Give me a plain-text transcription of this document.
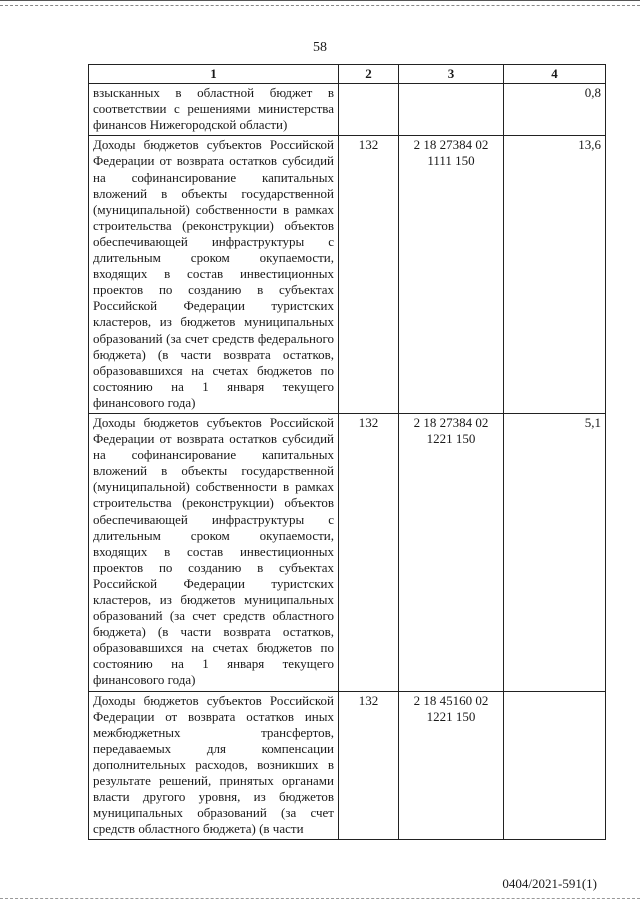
58
1	2	3	4
взысканных в областной бюджет в соответствии с решениями министерства финансов Нижегородской области)			0,8
Доходы бюджетов субъектов Российской Федерации от возврата остатков субсидий на софинансирование капитальных вложений в объекты государственной (муниципальной) собственности в рамках строительства (реконструкции) объектов обеспечивающей инфраструктуры с длительным сроком окупаемости, входящих в состав инвестиционных проектов по созданию в субъектах Российской Федерации туристских кластеров, из бюджетов муниципальных образований (за счет средств федерального бюджета) (в части возврата остатков, образовавшихся на счетах бюджетов по состоянию на 1 января текущего финансового года)	132	2 18 27384 02 1111 150	13,6
Доходы бюджетов субъектов Российской Федерации от возврата остатков субсидий на софинансирование капитальных вложений в объекты государственной (муниципальной) собственности в рамках строительства (реконструкции) объектов обеспечивающей инфраструктуры с длительным сроком окупаемости, входящих в состав инвестиционных проектов по созданию в субъектах Российской Федерации туристских кластеров, из бюджетов муниципальных образований (за счет средств областного бюджета) (в части возврата остатков, образовавшихся на счетах бюджетов по состоянию на 1 января текущего финансового года)	132	2 18 27384 02 1221 150	5,1
Доходы бюджетов субъектов Российской Федерации от возврата остатков иных межбюджетных трансфертов, передаваемых для компенсации дополнительных расходов, возникших в результате решений, принятых органами власти другого уровня, из бюджетов муниципальных образований (за счет средств областного бюджета) (в части	132	2 18 45160 02 1221 150	
0404/2021-591(1)
